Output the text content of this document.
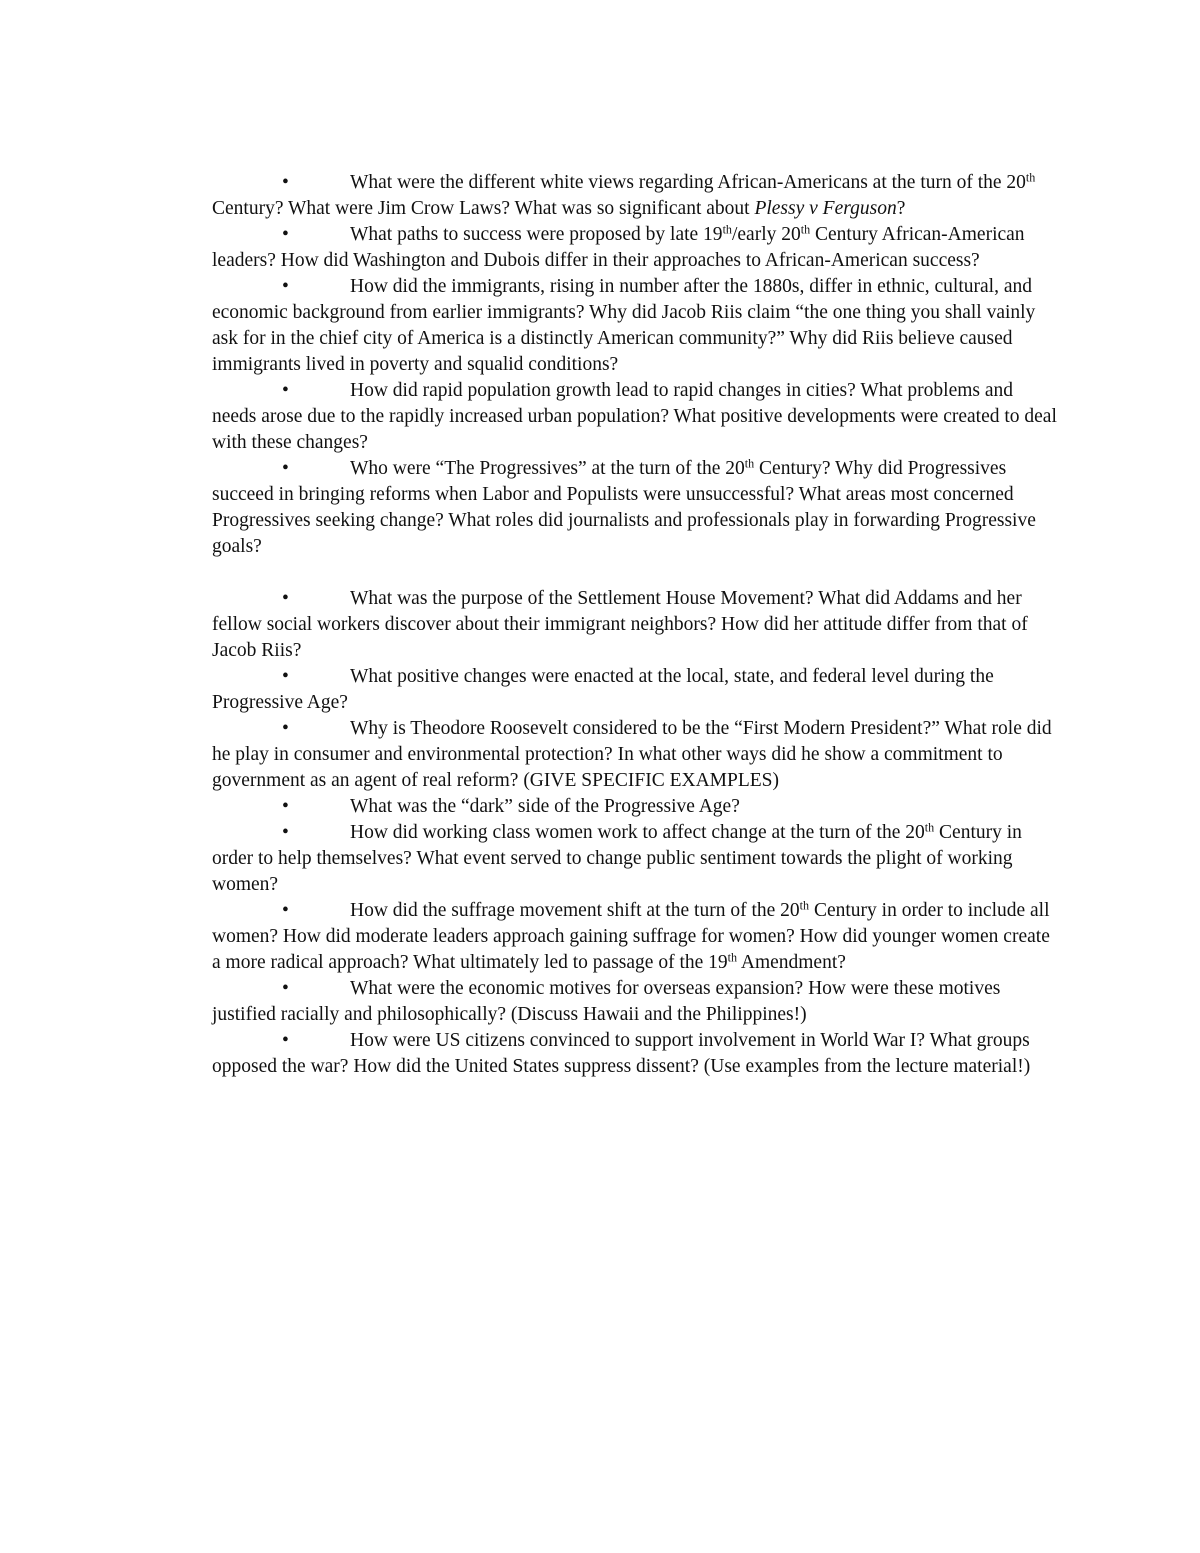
•	What were the different white views regarding African-Americans at the turn of the 20th Century? What were Jim Crow Laws? What was so significant about Plessy v Ferguson?

•	What paths to success were proposed by late 19th/early 20th Century African-American leaders? How did Washington and Dubois differ in their approaches to African-American success?

•	How did the immigrants, rising in number after the 1880s, differ in ethnic, cultural, and economic background from earlier immigrants? Why did Jacob Riis claim “the one thing you shall vainly ask for in the chief city of America is a distinctly American community?” Why did Riis believe caused immigrants lived in poverty and squalid conditions?

•	How did rapid population growth lead to rapid changes in cities? What problems and needs arose due to the rapidly increased urban population? What positive developments were created to deal with these changes?

•	Who were “The Progressives” at the turn of the 20th Century? Why did Progressives succeed in bringing reforms when Labor and Populists were unsuccessful? What areas most concerned Progressives seeking change? What roles did journalists and professionals play in forwarding Progressive goals?

•	What was the purpose of the Settlement House Movement? What did Addams and her fellow social workers discover about their immigrant neighbors? How did her attitude differ from that of Jacob Riis?

•	What positive changes were enacted at the local, state, and federal level during the Progressive Age?

•	Why is Theodore Roosevelt considered to be the “First Modern President?” What role did he play in consumer and environmental protection? In what other ways did he show a commitment to government as an agent of real reform? (GIVE SPECIFIC EXAMPLES)

•	What was the “dark” side of the Progressive Age?

•	How did working class women work to affect change at the turn of the 20th Century in order to help themselves? What event served to change public sentiment towards the plight of working women?

•	How did the suffrage movement shift at the turn of the 20th Century in order to include all women? How did moderate leaders approach gaining suffrage for women? How did younger women create a more radical approach? What ultimately led to passage of the 19th Amendment?

•	What were the economic motives for overseas expansion? How were these motives justified racially and philosophically? (Discuss Hawaii and the Philippines!)

•	How were US citizens convinced to support involvement in World War I? What groups opposed the war? How did the United States suppress dissent? (Use examples from the lecture material!)
